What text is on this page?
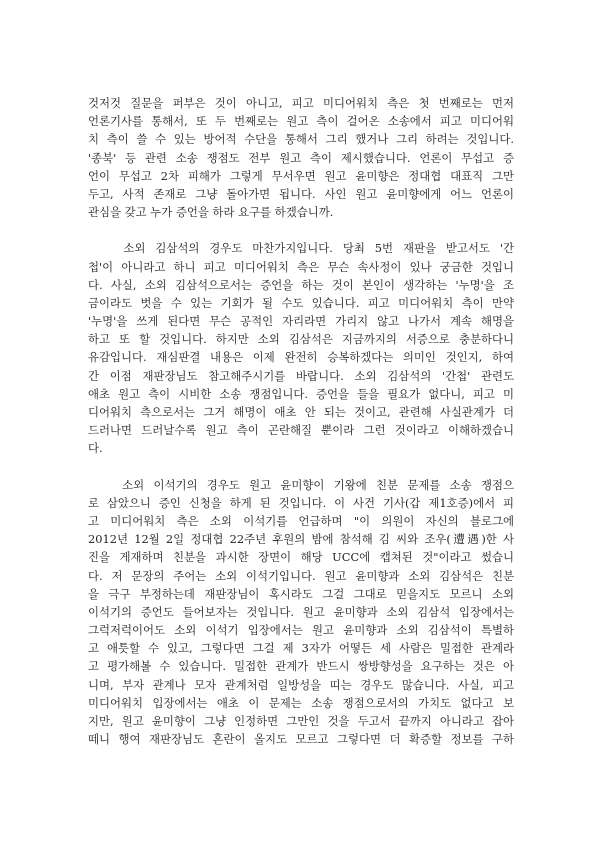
것저것 질문을 퍼부은 것이 아니고, 피고 미디어워치 측은 첫 번째로는 먼저
언론기사를 통해서, 또 두 번째로는 원고 측이 걸어온 소송에서 피고 미디어워
치 측이 쓸 수 있는 방어적 수단을 통해서 그리 했거나 그리 하려는 것입니다.
'종북' 등 관련 소송 쟁점도 전부 원고 측이 제시했습니다. 언론이 무섭고 증
언이 무섭고 2차 피해가 그렇게 무서우면 원고 윤미향은 정대협 대표직 그만
두고, 사적 존재로 그냥 돌아가면 됩니다. 사인 원고 윤미향에게 어느 언론이
관심을 갖고 누가 증언을 하라 요구를 하겠습니까.
　　소외 김삼석의 경우도 마찬가지입니다. 당최 5번 재판을 받고서도 '간
첩'이 아니라고 하니 피고 미디어워치 측은 무슨 속사정이 있나 궁금한 것입니
다. 사실, 소외 김삼석으로서는 증언을 하는 것이 본인이 생각하는 '누명'을 조
금이라도 벗을 수 있는 기회가 될 수도 있습니다. 피고 미디어워치 측이 만약
'누명'을 쓰게 된다면 무슨 공적인 자리라면 가리지 않고 나가서 계속 해명을
하고 또 할 것입니다. 하지만 소외 김삼석은 지금까지의 서증으로 충분하다니
유감입니다. 재심판결 내용은 이제 완전히 승복하겠다는 의미인 것인지, 하여
간 이점 재판장님도 참고해주시기를 바랍니다. 소외 김삼석의 '간첩' 관련도
애초 원고 측이 시비한 소송 쟁점입니다. 증언을 들을 필요가 없다니, 피고 미
디어워치 측으로서는 그거 해명이 애초 안 되는 것이고, 관련해 사실관계가 더
드러나면 드러날수록 원고 측이 곤란해질 뿐이라 그런 것이라고 이해하겠습니
다.
　　소외 이석기의 경우도 원고 윤미향이 기왕에 친분 문제를 소송 쟁점으
로 삼았으니 증인 신청을 하게 된 것입니다. 이 사건 기사(갑 제1호증)에서 피
고 미디어워치 측은 소외 이석기를 언급하며 "이 의원이 자신의 블로그에
2012년 12월 2일 정대협 22주년 후원의 밤에 참석해 김 씨와 조우(遭遇)한 사
진을 게재하며 친분을 과시한 장면이 해당 UCC에 캡쳐된 것"이라고 썼습니
다. 저 문장의 주어는 소외 이석기입니다. 원고 윤미향과 소외 김삼석은 친분
을 극구 부정하는데 재판장님이 혹시라도 그걸 그대로 믿을지도 모르니 소외
이석기의 증언도 들어보자는 것입니다. 원고 윤미향과 소외 김삼석 입장에서는
그럭저럭이어도 소외 이석기 입장에서는 원고 윤미향과 소외 김삼석이 특별하
고 애틋할 수 있고, 그렇다면 그걸 제 3자가 어떻든 세 사람은 밀접한 관계라
고 평가해볼 수 있습니다. 밀접한 관계가 반드시 쌍방향성을 요구하는 것은 아
니며, 부자 관계나 모자 관계처럼 일방성을 띠는 경우도 많습니다. 사실, 피고
미디어워치 입장에서는 애초 이 문제는 소송 쟁점으로서의 가치도 없다고 보
지만, 원고 윤미향이 그냥 인정하면 그만인 것을 두고서 끝까지 아니라고 잡아
떼니 행여 재판장님도 혼란이 올지도 모르고 그렇다면 더 확증할 정보를 구하
